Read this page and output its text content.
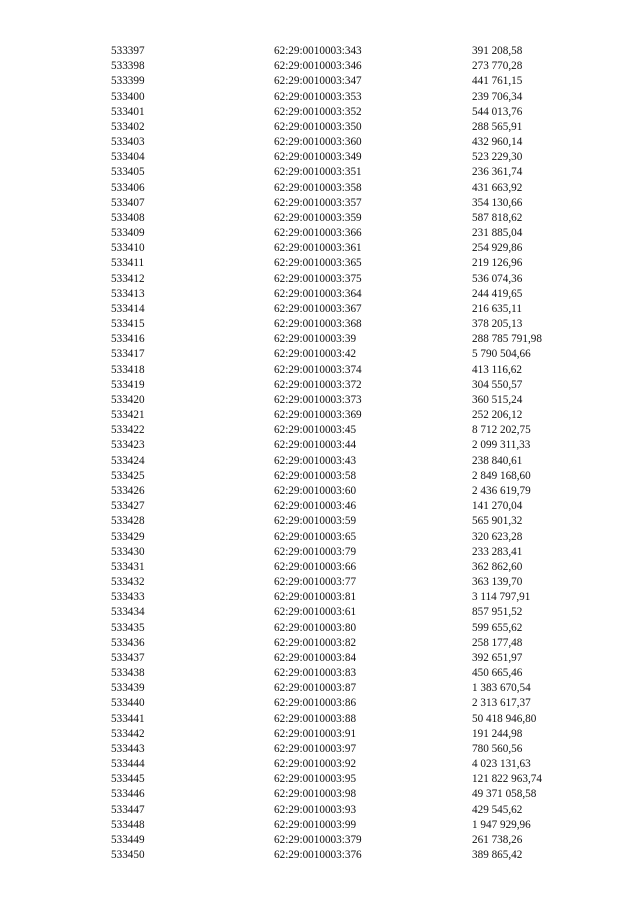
533397	62:29:0010003:343	391 208,58
533398	62:29:0010003:346	273 770,28
533399	62:29:0010003:347	441 761,15
533400	62:29:0010003:353	239 706,34
533401	62:29:0010003:352	544 013,76
533402	62:29:0010003:350	288 565,91
533403	62:29:0010003:360	432 960,14
533404	62:29:0010003:349	523 229,30
533405	62:29:0010003:351	236 361,74
533406	62:29:0010003:358	431 663,92
533407	62:29:0010003:357	354 130,66
533408	62:29:0010003:359	587 818,62
533409	62:29:0010003:366	231 885,04
533410	62:29:0010003:361	254 929,86
533411	62:29:0010003:365	219 126,96
533412	62:29:0010003:375	536 074,36
533413	62:29:0010003:364	244 419,65
533414	62:29:0010003:367	216 635,11
533415	62:29:0010003:368	378 205,13
533416	62:29:0010003:39	288 785 791,98
533417	62:29:0010003:42	5 790 504,66
533418	62:29:0010003:374	413 116,62
533419	62:29:0010003:372	304 550,57
533420	62:29:0010003:373	360 515,24
533421	62:29:0010003:369	252 206,12
533422	62:29:0010003:45	8 712 202,75
533423	62:29:0010003:44	2 099 311,33
533424	62:29:0010003:43	238 840,61
533425	62:29:0010003:58	2 849 168,60
533426	62:29:0010003:60	2 436 619,79
533427	62:29:0010003:46	141 270,04
533428	62:29:0010003:59	565 901,32
533429	62:29:0010003:65	320 623,28
533430	62:29:0010003:79	233 283,41
533431	62:29:0010003:66	362 862,60
533432	62:29:0010003:77	363 139,70
533433	62:29:0010003:81	3 114 797,91
533434	62:29:0010003:61	857 951,52
533435	62:29:0010003:80	599 655,62
533436	62:29:0010003:82	258 177,48
533437	62:29:0010003:84	392 651,97
533438	62:29:0010003:83	450 665,46
533439	62:29:0010003:87	1 383 670,54
533440	62:29:0010003:86	2 313 617,37
533441	62:29:0010003:88	50 418 946,80
533442	62:29:0010003:91	191 244,98
533443	62:29:0010003:97	780 560,56
533444	62:29:0010003:92	4 023 131,63
533445	62:29:0010003:95	121 822 963,74
533446	62:29:0010003:98	49 371 058,58
533447	62:29:0010003:93	429 545,62
533448	62:29:0010003:99	1 947 929,96
533449	62:29:0010003:379	261 738,26
533450	62:29:0010003:376	389 865,42
